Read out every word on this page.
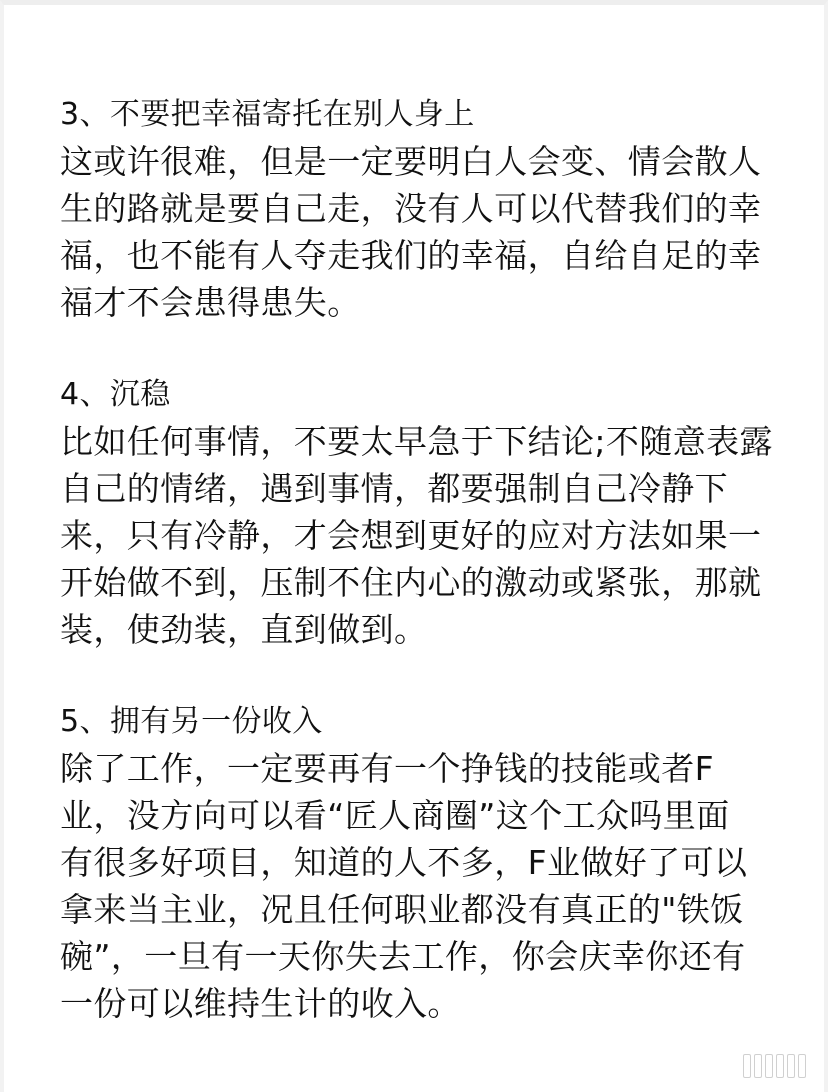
3、不要把幸福寄托在别人身上
这或许很难，但是一定要明白人会变、情会散人
生的路就是要自己走，没有人可以代替我们的幸
福，也不能有人夺走我们的幸福，自给自足的幸
福才不会患得患失。
4、沉稳
比如任何事情，不要太早急于下结论;不随意表露
自己的情绪，遇到事情，都要强制自己冷静下
来，只有冷静，才会想到更好的应对方法如果一
开始做不到，压制不住内心的激动或紧张，那就
装，使劲装，直到做到。
5、拥有另一份收入
除了工作，一定要再有一个挣钱的技能或者F
业，没方向可以看“匠人商圈”这个工众吗里面
有很多好项目，知道的人不多，F业做好了可以
拿来当主业，况且任何职业都没有真正的"铁饭
碗”，一旦有一天你失去工作，你会庆幸你还有
一份可以维持生计的收入。
